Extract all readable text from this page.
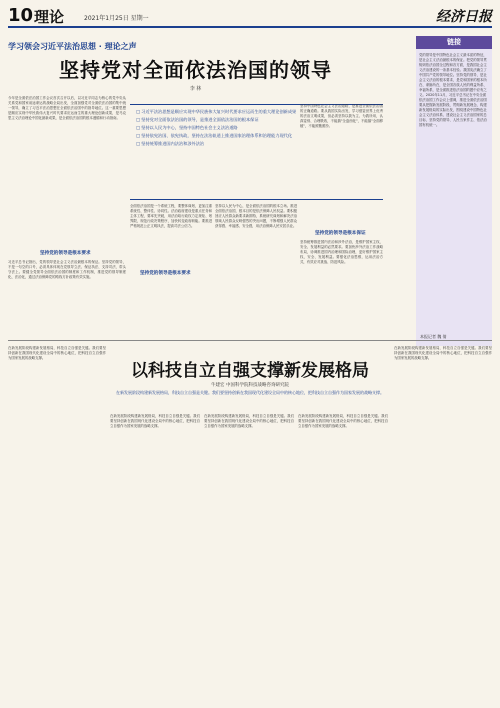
10 理论	2021年1月25日 星期一	经济日报
学习领会习近平法治思想 · 理论之声
坚持党对全面依法治国的领导
李 林
今年是全面依法治国工作会议首次召开以后，以习近平同志为核心的党中央从关系党和国家前途命运的战略全局出发，全面加强党对全面依法治国的集中统一领导，确立了习近平法治思想在全面依法治国中的指导地位。这一重要思想是顺应实现中华民族伟大复兴时代要求应运而生的重大理论创新成果，是马克思主义法治理论中国化最新成果，是全面依法治国的根本遵循和行动指南。
坚持党的领导是根本要求
习近平总书记指出，党的领导是社会主义法治最根本的保证。坚持党的领导，不是一句空的口号，必须具体体现在党领导立法、保证执法、支持司法、带头守法上。要健全党领导全面依法治国的制度和工作机制，推进党的领导制度化、法治化，通过法治保障党的路线方针政策有效实施。
□ 习近平法治思想是顺应实现中华民族伟大复兴时代要求应运而生的重大理论创新成果
□ 坚持党对全面依法治国的领导，是推进全面依法治国的根本保证
□ 坚持以人民为中心，坚持中国特色社会主义法治道路
□ 坚持依宪治国、依宪执政，坚持在法治轨道上推进国家治理体系和治理能力现代化
□ 坚持统筹推进国内法治和涉外法治
全面依法治国是一个系统工程，要整体谋划，更加注重系统性、整体性、协同性。法治政府建设是重点任务和主体工程，要率先突破，用法治给行政权力定规矩、划界限，规范行政决策程序，加快转变政府职能。要推进严格规范公正文明执法，提高司法公信力。
坚持党的领导是根本要求
坚持以人民为中心，是全面依法治国的根本立场。推进全面依法治国，根本目的是依法保障人民权益。要积极回应人民群众新要求新期待，系统研究谋划和解决法治领域人民群众反映强烈的突出问题，不断增强人民群众获得感、幸福感、安全感，用法治保障人民安居乐业。
坚持中国特色社会主义法治道路，是推进全面依法治国的正确道路。要从我国实际出发，学习借鉴世界上优秀的法治文明成果，但必须坚持以我为主、为我所用，认真鉴别、合理吸收，不能搞"全盘西化"，不能搞"全面移植"，不能照搬照抄。
坚持党的领导是根本保证
坚持统筹推进国内法治和涉外法治，是维护国家主权、安全、发展利益的必然要求。要加快涉外法治工作战略布局，协调推进国内治理和国际治理，更好维护国家主权、安全、发展利益。要强化法治思维，运用法治方式，有效应对挑战、防范风险。
链接
党的领导是中国特色社会主义最本质的特征，是社会主义法治最根本的保证。把党的领导贯彻到依法治国全过程和各方面，是我国社会主义法治建设的一条基本经验。我国宪法确立了中国共产党的领导地位。坚持党的领导，是社会主义法治的根本要求，是党和国家的根本所在、命脉所在，是全国各族人民的利益所系、幸福所系，是全面推进依法治国的题中应有之义。2020年11月，习近平总书记在中央全面依法治国工作会议上强调，推进全面依法治国要从把握新发展阶段、贯彻新发展理念、构建新发展格局的实际出发，围绕建设中国特色社会主义法治体系、建设社会主义法治国家的总目标，坚持党的领导、人民当家作主、依法治国有机统一。
本报记者 魏 倩
以科技自立自强支撑新发展格局
牛建宏 中国科学院科技战略咨询研究院
在新发展阶段构建新发展格局，科技自立自强是关键。我们要坚持创新在我国现代化建设全局中的核心地位，把科技自立自强作为国家发展的战略支撑。
在新发展阶段构建新发展格局，科技自立自强是关键。我们要坚持创新在我国现代化建设全局中的核心地位，把科技自立自强作为国家发展的战略支撑。
在新发展阶段构建新发展格局，科技自立自强是关键。我们要坚持创新在我国现代化建设全局中的核心地位，把科技自立自强作为国家发展的战略支撑。
在新发展阶段构建新发展格局，科技自立自强是关键。我们要坚持创新在我国现代化建设全局中的核心地位，把科技自立自强作为国家发展的战略支撑。
在新发展阶段构建新发展格局，科技自立自强是关键。我们要坚持创新在我国现代化建设全局中的核心地位，把科技自立自强作为国家发展的战略支撑。
在新发展阶段构建新发展格局，科技自立自强是关键。我们要坚持创新在我国现代化建设全局中的核心地位，把科技自立自强作为国家发展的战略支撑。
